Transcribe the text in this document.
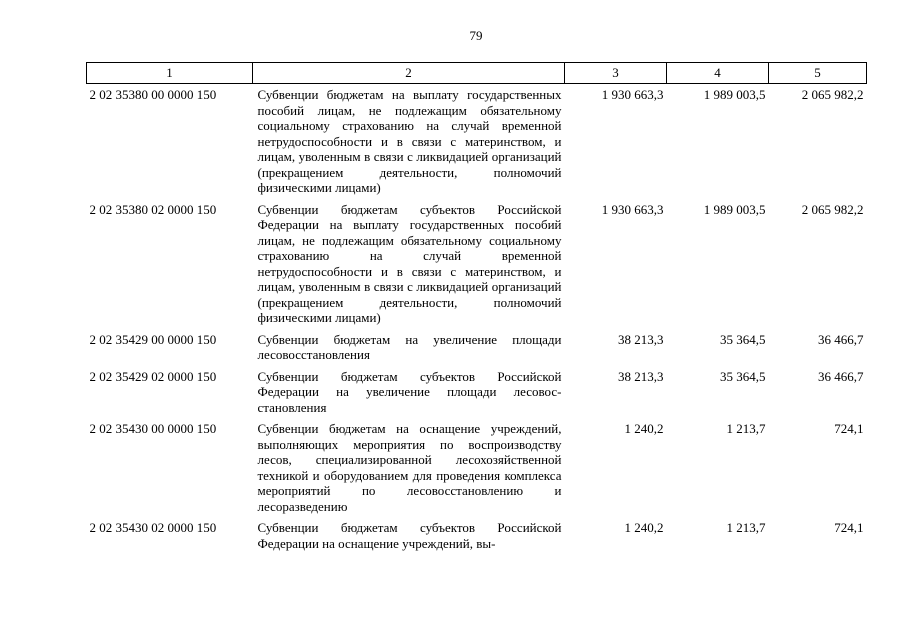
79
1	2	3	4	5
2 02 35380 00 0000 150	Субвенции бюджетам на выплату государственных пособий лицам, не подлежащим обязательному социальному страхованию на случай временной нетрудоспособности и в связи с материнством, и лицам, уволенным в связи с ликвидацией организаций (прекращением деятельности, полномочий физическими лицами)	1 930 663,3	1 989 003,5	2 065 982,2
2 02 35380 02 0000 150	Субвенции бюджетам субъектов Российской Федерации на выплату государственных пособий лицам, не подлежащим обязательному социальному страхованию на случай временной нетрудоспособности и в связи с материнством, и лицам, уволенным в связи с ликвидацией организаций (прекращением деятельности, полномочий физическими лицами)	1 930 663,3	1 989 003,5	2 065 982,2
2 02 35429 00 0000 150	Субвенции бюджетам на увеличение площади лесовосстановления	38 213,3	35 364,5	36 466,7
2 02 35429 02 0000 150	Субвенции бюджетам субъектов Российской Федерации на увеличение площади лесовосстановления	38 213,3	35 364,5	36 466,7
2 02 35430 00 0000 150	Субвенции бюджетам на оснащение учреждений, выполняющих мероприятия по воспроизводству лесов, специализированной лесохозяйственной техникой и оборудованием для проведения комплекса мероприятий по лесовосстановлению и лесоразведению	1 240,2	1 213,7	724,1
2 02 35430 02 0000 150	Субвенции бюджетам субъектов Российской Федерации на оснащение учреждений, вы-	1 240,2	1 213,7	724,1
